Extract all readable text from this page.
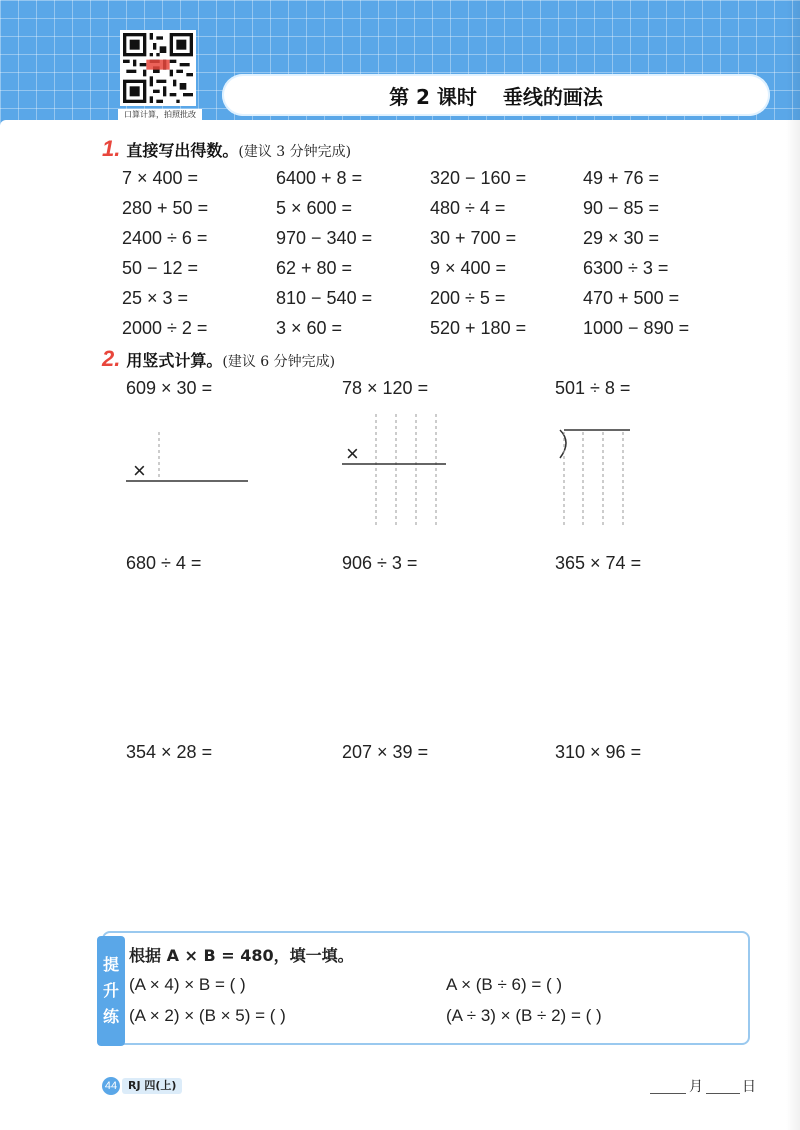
口算计算，拍照批改
第 2 课时 垂线的画法
1. 直接写出得数。 (建议 3 分钟完成)
7 × 400 =	6400 + 8 =	320 − 160 =	49 + 76 =
280 + 50 =	5 × 600 =	480 ÷ 4 =	90 − 85 =
2400 ÷ 6 =	970 − 340 =	30 + 700 =	29 × 30 =
50 − 12 =	62 + 80 =	9 × 400 =	6300 ÷ 3 =
25 × 3 =	810 − 540 =	200 ÷ 5 =	470 + 500 =
2000 ÷ 2 =	3 × 60 =	520 + 180 =	1000 − 890 =
2. 用竖式计算。 (建议 6 分钟完成)
609 × 30 =	78 × 120 =	501 ÷ 8 =
680 ÷ 4 =	906 ÷ 3 =	365 × 74 =
354 × 28 =	207 × 39 =	310 × 96 =
×
×
提
升
练
根据 A × B = 480，填一填。
(A × 4) × B = ( )	A × (B ÷ 6) = ( )
(A × 2) × (B × 5) = ( )	(A ÷ 3) × (B ÷ 2) = ( )
44 RJ 四(上)	月	日
